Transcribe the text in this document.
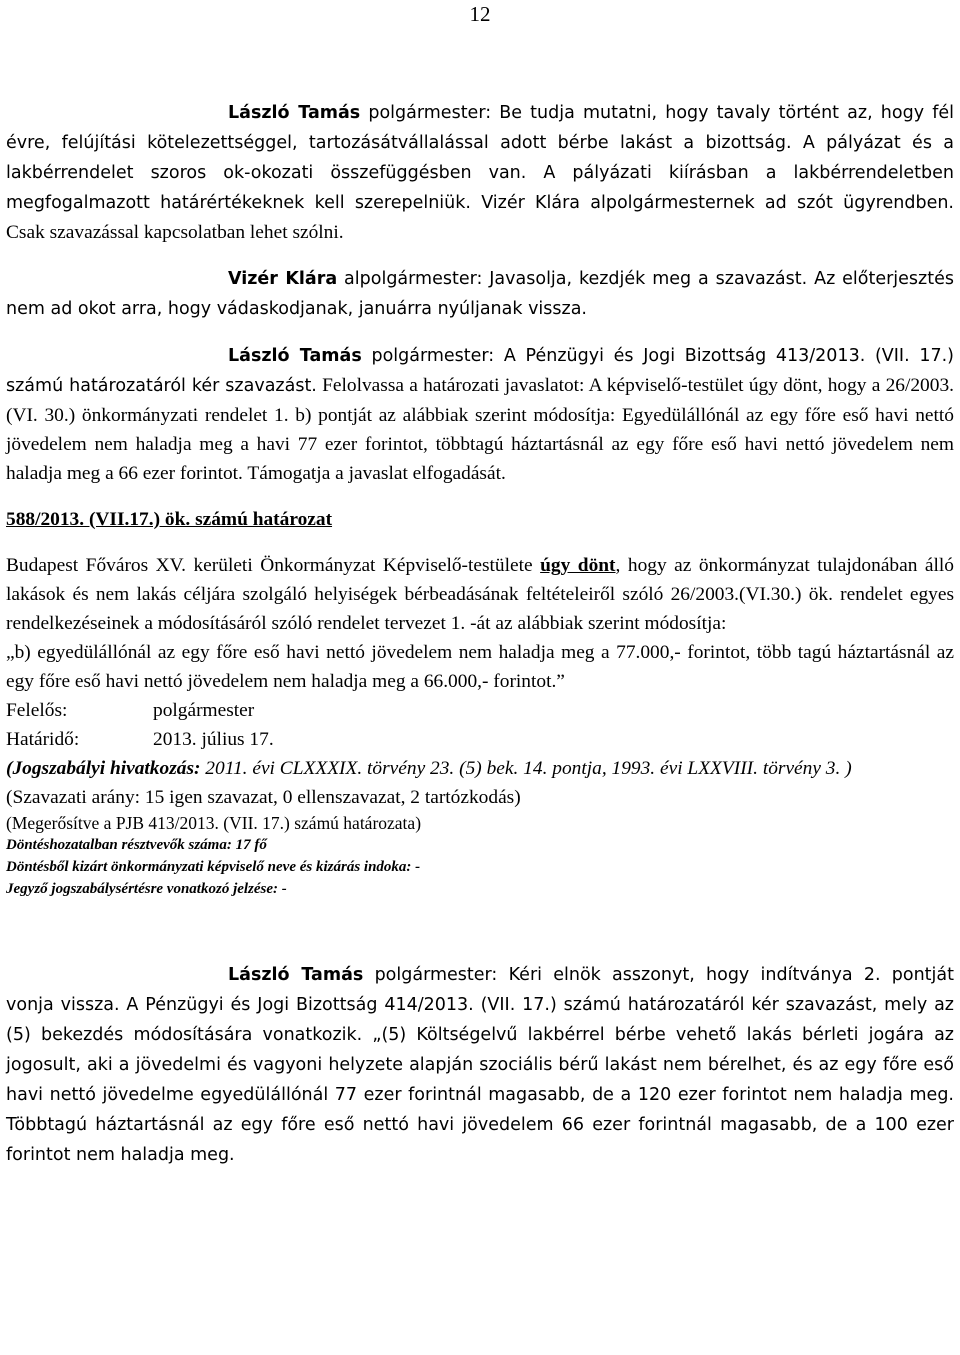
12

László Tamás polgármester: Be tudja mutatni, hogy tavaly történt az, hogy fél évre, felújítási kötelezettséggel, tartozásátvállalással adott bérbe lakást a bizottság. A pályázat és a lakbérrendelet szoros ok-okozati összefüggésben van. A pályázati kiírásban a lakbérrendeletben megfogalmazott határértékeknek kell szerepelniük. Vizér Klára alpolgármesternek ad szót ügyrendben. Csak szavazással kapcsolatban lehet szólni.

Vizér Klára alpolgármester: Javasolja, kezdjék meg a szavazást. Az előterjesztés nem ad okot arra, hogy vádaskodjanak, januárra nyúljanak vissza.

László Tamás polgármester: A Pénzügyi és Jogi Bizottság 413/2013. (VII. 17.) számú határozatáról kér szavazást. Felolvassa a határozati javaslatot: A képviselő-testület úgy dönt, hogy a 26/2003. (VI. 30.) önkormányzati rendelet 1. b) pontját az alábbiak szerint módosítja: Egyedülállónál az egy főre eső havi nettó jövedelem nem haladja meg a havi 77 ezer forintot, többtagú háztartásnál az egy főre eső havi nettó jövedelem nem haladja meg a 66 ezer forintot. Támogatja a javaslat elfogadását.

588/2013. (VII.17.) ök. számú határozat

Budapest Főváros XV. kerületi Önkormányzat Képviselő-testülete úgy dönt, hogy az önkormányzat tulajdonában álló lakások és nem lakás céljára szolgáló helyiségek bérbeadásának feltételeiről szóló 26/2003.(VI.30.) ök. rendelet egyes rendelkezéseinek a módosításáról szóló rendelet tervezet 1. -át az alábbiak szerint módosítja:

„b) egyedülállónál az egy főre eső havi nettó jövedelem nem haladja meg a 77.000,- forintot, több tagú háztartásnál az egy főre eső havi nettó jövedelem nem haladja meg a 66.000,- forintot.”

Felelős:	polgármester

Határidő:	2013. július 17.

(Jogszabályi hivatkozás: 2011. évi CLXXXIX. törvény 23. (5) bek. 14. pontja, 1993. évi LXXVIII. törvény 3. )

(Szavazati arány: 15 igen szavazat, 0 ellenszavazat, 2 tartózkodás)

(Megerősítve a PJB 413/2013. (VII. 17.) számú határozata)

Döntéshozatalban résztvevők száma: 17 fő

Döntésből kizárt önkormányzati képviselő neve és kizárás indoka: -

Jegyző jogszabálysértésre vonatkozó jelzése: -

László Tamás polgármester: Kéri elnök asszonyt, hogy indítványa 2. pontját vonja vissza. A Pénzügyi és Jogi Bizottság 414/2013. (VII. 17.) számú határozatáról kér szavazást, mely az (5) bekezdés módosítására vonatkozik. „(5) Költségelvű lakbérrel bérbe vehető lakás bérleti jogára az jogosult, aki a jövedelmi és vagyoni helyzete alapján szociális bérű lakást nem bérelhet, és az egy főre eső havi nettó jövedelme egyedülállónál 77 ezer forintnál magasabb, de a 120 ezer forintot nem haladja meg. Többtagú háztartásnál az egy főre eső nettó havi jövedelem 66 ezer forintnál magasabb, de a 100 ezer forintot nem haladja meg.
